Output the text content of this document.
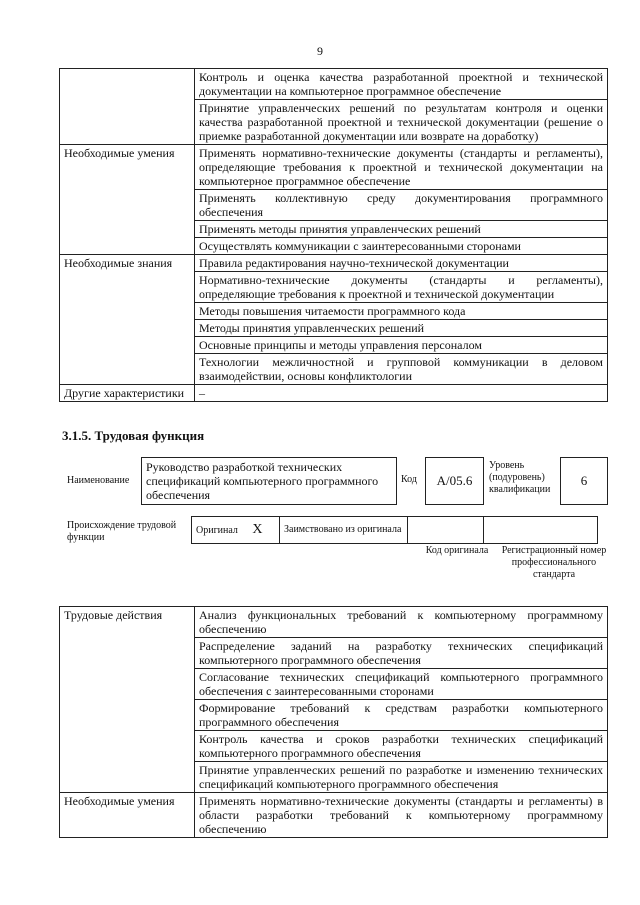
9
	Контроль и оценка качества разработанной проектной и технической документации на компьютерное программное обеспечение
	Принятие управленческих решений по результатам контроля и оценки качества разработанной проектной и технической документации (решение о приемке разработанной документации или возврате на доработку)
Необходимые умения	Применять нормативно-технические документы (стандарты и регламенты), определяющие требования к проектной и технической документации на компьютерное программное обеспечение
	Применять коллективную среду документирования программного обеспечения
	Применять методы принятия управленческих решений
	Осуществлять коммуникации с заинтересованными сторонами
Необходимые знания	Правила редактирования научно-технической документации
	Нормативно-технические документы (стандарты и регламенты), определяющие требования к проектной и технической документации
	Методы повышения читаемости программного кода
	Методы принятия управленческих решений
	Основные принципы и методы управления персоналом
	Технологии межличностной и групповой коммуникации в деловом взаимодействии, основы конфликтологии
Другие характеристики	–
3.1.5. Трудовая функция
Наименование
Руководство разработкой технических спецификаций компьютерного программного обеспечения
Код	A/05.6
Уровень (подуровень) квалификации
6
Происхождение трудовой функции
Оригинал X	Заимствовано из оригинала		
Код оригинала Регистрационный номер профессионального стандарта
Трудовые действия	Анализ функциональных требований к компьютерному программному обеспечению
	Распределение заданий на разработку технических спецификаций компьютерного программного обеспечения
	Согласование технических спецификаций компьютерного программного обеспечения с заинтересованными сторонами
	Формирование требований к средствам разработки компьютерного программного обеспечения
	Контроль качества и сроков разработки технических спецификаций компьютерного программного обеспечения
	Принятие управленческих решений по разработке и изменению технических спецификаций компьютерного программного обеспечения
Необходимые умения	Применять нормативно-технические документы (стандарты и регламенты) в области разработки требований к компьютерному программному обеспечению
